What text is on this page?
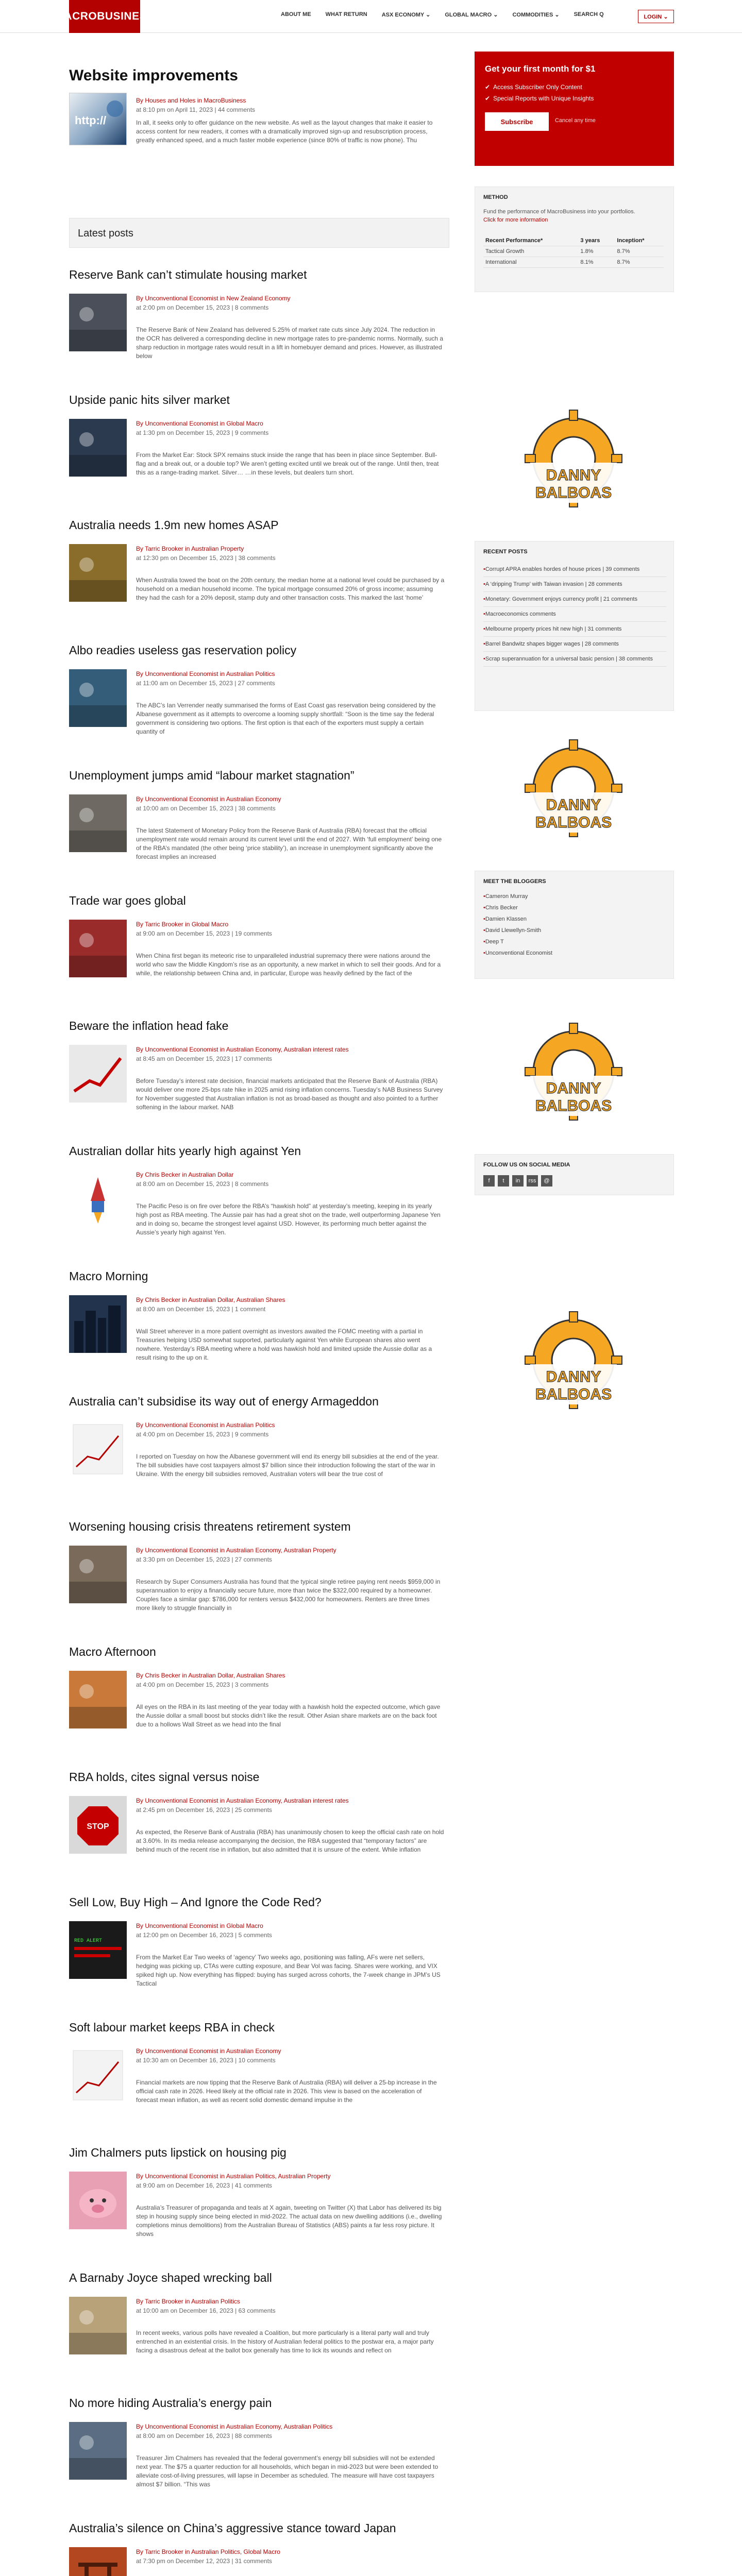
MACROBUSINESS	ABOUT ME	WHAT RETURN	ASX ECONOMY ⌄	GLOBAL MACRO ⌄	COMMODITIES ⌄	SEARCH Q	LOGIN ⌄
Website improvements
http://
By Houses and Holes in MacroBusiness
at 8:10 pm on April 11, 2023 | 44 comments
In all, it seeks only to offer guidance on the new website. As well as the layout changes that make it easier to access content for new readers, it comes with a dramatically improved sign-up and resubscription process, greatly enhanced speed, and a much faster mobile experience (since 80% of traffic is now phone). Thu
Latest posts
Reserve Bank can’t stimulate housing market
By Unconventional Economist in New Zealand Economy
at 2:00 pm on December 15, 2023 | 8 comments
The Reserve Bank of New Zealand has delivered 5.25% of market rate cuts since July 2024. The reduction in the OCR has delivered a corresponding decline in new mortgage rates to pre-pandemic norms. Normally, such a sharp reduction in mortgage rates would result in a lift in homebuyer demand and prices. However, as illustrated below
Upside panic hits silver market
By Unconventional Economist in Global Macro
at 1:30 pm on December 15, 2023 | 9 comments
From the Market Ear: Stock SPX remains stuck inside the range that has been in place since September. Bull-flag and a break out, or a double top? We aren’t getting excited until we break out of the range. Until then, treat this as a range-trading market. Silver… …in these levels, but dealers turn short.
Australia needs 1.9m new homes ASAP
By Tarric Brooker in Australian Property
at 12:30 pm on December 15, 2023 | 38 comments
When Australia towed the boat on the 20th century, the median home at a national level could be purchased by a household on a median household income. The typical mortgage consumed 20% of gross income; assuming they had the cash for a 20% deposit, stamp duty and other transaction costs. This marked the last ‘home’
Albo readies useless gas reservation policy
By Unconventional Economist in Australian Politics
at 11:00 am on December 15, 2023 | 27 comments
The ABC’s Ian Verrender neatly summarised the forms of East Coast gas reservation being considered by the Albanese government as it attempts to overcome a looming supply shortfall: “Soon is the time say the federal government is considering two options. The first option is that each of the exporters must supply a certain quantity of
Unemployment jumps amid “labour market stagnation”
By Unconventional Economist in Australian Economy
at 10:00 am on December 15, 2023 | 38 comments
The latest Statement of Monetary Policy from the Reserve Bank of Australia (RBA) forecast that the official unemployment rate would remain around its current level until the end of 2027. With ‘full employment’ being one of the RBA’s mandated (the other being ‘price stability’), an increase in unemployment significantly above the forecast implies an increased
Trade war goes global
By Tarric Brooker in Global Macro
at 9:00 am on December 15, 2023 | 19 comments
When China first began its meteoric rise to unparalleled industrial supremacy there were nations around the world who saw the Middle Kingdom’s rise as an opportunity, a new market in which to sell their goods. And for a while, the relationship between China and, in particular, Europe was heavily defined by the fact of the
Beware the inflation head fake
By Unconventional Economist in Australian Economy, Australian interest rates
at 8:45 am on December 15, 2023 | 17 comments
Before Tuesday’s interest rate decision, financial markets anticipated that the Reserve Bank of Australia (RBA) would deliver one more 25-bps rate hike in 2025 amid rising inflation concerns. Tuesday’s NAB Business Survey for November suggested that Australian inflation is not as broad-based as thought and also pointed to a further softening in the labour market. NAB
Australian dollar hits yearly high against Yen
By Chris Becker in Australian Dollar
at 8:00 am on December 15, 2023 | 8 comments
The Pacific Peso is on fire over before the RBA’s “hawkish hold” at yesterday’s meeting, keeping in its yearly high post as RBA meeting. The Aussie pair has had a great shot on the trade, well outperforming Japanese Yen and in doing so, became the strongest level against USD. However, its performing much better against the Aussie’s yearly high against Yen.
Macro Morning
By Chris Becker in Australian Dollar, Australian Shares
at 8:00 am on December 15, 2023 | 1 comment
Wall Street wherever in a more patient overnight as investors awaited the FOMC meeting with a partial in Treasuries helping USD somewhat supported, particularly against Yen while European shares also went nowhere. Yesterday’s RBA meeting where a hold was hawkish hold and limited upside the Aussie dollar as a result rising to the up on it.
Australia can’t subsidise its way out of energy Armageddon
By Unconventional Economist in Australian Politics
at 4:00 pm on December 15, 2023 | 9 comments
I reported on Tuesday on how the Albanese government will end its energy bill subsidies at the end of the year. The bill subsidies have cost taxpayers almost $7 billion since their introduction following the start of the war in Ukraine. With the energy bill subsidies removed, Australian voters will bear the true cost of
Worsening housing crisis threatens retirement system
By Unconventional Economist in Australian Economy, Australian Property
at 3:30 pm on December 15, 2023 | 27 comments
Research by Super Consumers Australia has found that the typical single retiree paying rent needs $959,000 in superannuation to enjoy a financially secure future, more than twice the $322,000 required by a homeowner. Couples face a similar gap: $786,000 for renters versus $432,000 for homeowners. Renters are three times more likely to struggle financially in
Macro Afternoon
By Chris Becker in Australian Dollar, Australian Shares
at 4:00 pm on December 15, 2023 | 3 comments
All eyes on the RBA in its last meeting of the year today with a hawkish hold the expected outcome, which gave the Aussie dollar a small boost but stocks didn’t like the result. Other Asian share markets are on the back foot due to a hollows Wall Street as we head into the final
RBA holds, cites signal versus noise
STOP
By Unconventional Economist in Australian Economy, Australian interest rates
at 2:45 pm on December 16, 2023 | 25 comments
As expected, the Reserve Bank of Australia (RBA) has unanimously chosen to keep the official cash rate on hold at 3.60%. In its media release accompanying the decision, the RBA suggested that “temporary factors” are behind much of the recent rise in inflation, but also admitted that it is unsure of the extent. While inflation
Sell Low, Buy High – And Ignore the Code Red?
RED ALERT
By Unconventional Economist in Global Macro
at 12:00 pm on December 16, 2023 | 5 comments
From the Market Ear Two weeks of ‘agency’ Two weeks ago, positioning was falling, AFs were net sellers, hedging was picking up, CTAs were cutting exposure, and Bear Vol was facing. Shares were working, and VIX spiked high up. Now everything has flipped: buying has surged across cohorts, the 7-week change in JPM’s US Tactical
Soft labour market keeps RBA in check
By Unconventional Economist in Australian Economy
at 10:30 am on December 16, 2023 | 10 comments
Financial markets are now tipping that the Reserve Bank of Australia (RBA) will deliver a 25-bp increase in the official cash rate in 2026. Heed likely at the official rate in 2026. This view is based on the acceleration of forecast mean inflation, as well as recent solid domestic demand impulse in the
Jim Chalmers puts lipstick on housing pig
By Unconventional Economist in Australian Politics, Australian Property
at 9:00 am on December 16, 2023 | 41 comments
Australia’s Treasurer of propaganda and teals at X again, tweeting on Twitter (X) that Labor has delivered its big step in housing supply since being elected in mid-2022. The actual data on new dwelling additions (i.e., dwelling completions minus demolitions) from the Australian Bureau of Statistics (ABS) paints a far less rosy picture. It shows
A Barnaby Joyce shaped wrecking ball
By Tarric Brooker in Australian Politics
at 10:00 am on December 16, 2023 | 63 comments
In recent weeks, various polls have revealed a Coalition, but more particularly is a literal party wall and truly entrenched in an existential crisis. In the history of Australian federal politics to the postwar era, a major party facing a disastrous defeat at the ballot box generally has time to lick its wounds and reflect on
No more hiding Australia’s energy pain
By Unconventional Economist in Australian Economy, Australian Politics
at 8:00 am on December 16, 2023 | 88 comments
Treasurer Jim Chalmers has revealed that the federal government’s energy bill subsidies will not be extended next year. The $75 a quarter reduction for all households, which began in mid-2023 but were been extended to alleviate cost-of-living pressures, will lapse in December as scheduled. The measure will have cost taxpayers almost $7 billion. “This was
Australia’s silence on China’s aggressive stance toward Japan
By Tarric Brooker in Australian Politics, Global Macro
at 7:30 pm on December 12, 2023 | 31 comments
Get your first month for $1
✔ Access Subscriber Only Content
✔ Special Reports with Unique Insights
Subscribe	Cancel any time
METHOD

Fund the performance of MacroBusiness into your portfolios.
Click for more information

Recent Performance*	3 years	Inception*
Tactical Growth	1.8%	8.7%
International	8.1%	8.7%
DANNY
BALBOAS
RECENT POSTS
• Corrupt APRA enables hordes of house prices | 39 comments
• A ‘dripping Trump’ with Taiwan invasion | 28 comments
• Monetary: Government enjoys currency profit | 21 comments
• Macroeconomics comments
• Melbourne property prices hit new high | 31 comments
• Barrel Bandwitz shapes bigger wages | 28 comments
• Scrap superannuation for a universal basic pension | 38 comments
DANNY
BALBOAS
MEET THE BLOGGERS
• Cameron Murray
• Chris Becker
• Damien Klassen
• David Llewellyn-Smith
• Deep T
• Unconventional Economist
DANNY
BALBOAS
FOLLOW US ON SOCIAL MEDIA
f	t	in	rss	@
DANNY
BALBOAS
